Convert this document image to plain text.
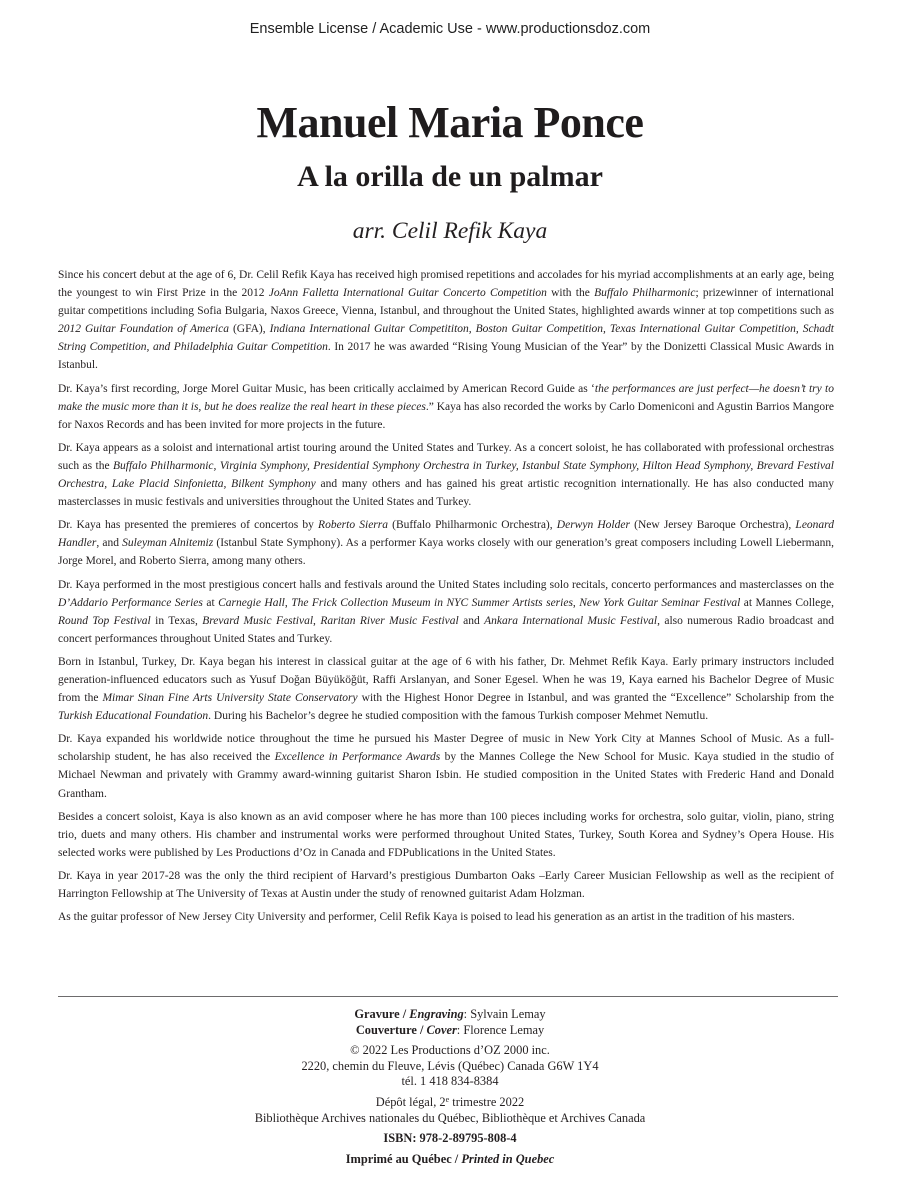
Ensemble License / Academic Use - www.productionsdoz.com
Manuel Maria Ponce
A la orilla de un palmar
arr. Celil Refik Kaya

Since his concert debut at the age of 6, Dr. Celil Refik Kaya has received high promised repetitions and accolades for his myriad accomplishments at an early age, being the youngest to win First Prize in the 2012 JoAnn Falletta International Guitar Concerto Competition with the Buffalo Philharmonic; prizewinner of international guitar competitions including Sofia Bulgaria, Naxos Greece, Vienna, Istanbul, and throughout the United States, highlighted awards winner at top competitions such as 2012 Guitar Foundation of America (GFA), Indiana International Guitar Competititon, Boston Guitar Competition, Texas International Guitar Competition, Schadt String Competition, and Philadelphia Guitar Competition. In 2017 he was awarded “Rising Young Musician of the Year” by the Donizetti Classical Music Awards in Istanbul.

Dr. Kaya’s first recording, Jorge Morel Guitar Music, has been critically acclaimed by American Record Guide as ‘the performances are just perfect—he doesn’t try to make the music more than it is, but he does realize the real heart in these pieces.” Kaya has also recorded the works by Carlo Domeniconi and Agustin Barrios Mangore for Naxos Records and has been invited for more projects in the future.

Dr. Kaya appears as a soloist and international artist touring around the United States and Turkey. As a concert soloist, he has collaborated with professional orchestras such as the Buffalo Philharmonic, Virginia Symphony, Presidential Symphony Orchestra in Turkey, Istanbul State Symphony, Hilton Head Symphony, Brevard Festival Orchestra, Lake Placid Sinfonietta, Bilkent Symphony and many others and has gained his great artistic recognition internationally. He has also conducted many masterclasses in music festivals and universities throughout the United States and Turkey.

Dr. Kaya has presented the premieres of concertos by Roberto Sierra (Buffalo Philharmonic Orchestra), Derwyn Holder (New Jersey Baroque Orchestra), Leonard Handler, and Suleyman Alnitemiz (Istanbul State Symphony). As a performer Kaya works closely with our generation’s great composers including Lowell Liebermann, Jorge Morel, and Roberto Sierra, among many others.

Dr. Kaya performed in the most prestigious concert halls and festivals around the United States including solo recitals, concerto performances and masterclasses on the D’Addario Performance Series at Carnegie Hall, The Frick Collection Museum in NYC Summer Artists series, New York Guitar Seminar Festival at Mannes College, Round Top Festival in Texas, Brevard Music Festival, Raritan River Music Festival and Ankara International Music Festival, also numerous Radio broadcast and concert performances throughout United States and Turkey.

Born in Istanbul, Turkey, Dr. Kaya began his interest in classical guitar at the age of 6 with his father, Dr. Mehmet Refik Kaya. Early primary instructors included generation-influenced educators such as Yusuf Doğan Büyüköğüt, Raffi Arslanyan, and Soner Egesel. When he was 19, Kaya earned his Bachelor Degree of Music from the Mimar Sinan Fine Arts University State Conservatory with the Highest Honor Degree in Istanbul, and was granted the “Excellence” Scholarship from the Turkish Educational Foundation. During his Bachelor’s degree he studied composition with the famous Turkish composer Mehmet Nemutlu.

Dr. Kaya expanded his worldwide notice throughout the time he pursued his Master Degree of music in New York City at Mannes School of Music. As a full-scholarship student, he has also received the Excellence in Performance Awards by the Mannes College the New School for Music. Kaya studied in the studio of Michael Newman and privately with Grammy award-winning guitarist Sharon Isbin. He studied composition in the United States with Frederic Hand and Donald Grantham.

Besides a concert soloist, Kaya is also known as an avid composer where he has more than 100 pieces including works for orchestra, solo guitar, violin, piano, string trio, duets and many others. His chamber and instrumental works were performed throughout United States, Turkey, South Korea and Sydney’s Opera House. His selected works were published by Les Productions d’Oz in Canada and FDPublications in the United States.

Dr. Kaya in year 2017-28 was the only the third recipient of Harvard’s prestigious Dumbarton Oaks –Early Career Musician Fellowship as well as the recipient of Harrington Fellowship at The University of Texas at Austin under the study of renowned guitarist Adam Holzman.

As the guitar professor of New Jersey City University and performer, Celil Refik Kaya is poised to lead his generation as an artist in the tradition of his masters.

Gravure / Engraving: Sylvain Lemay
Couverture / Cover: Florence Lemay
© 2022 Les Productions d’OZ 2000 inc.
2220, chemin du Fleuve, Lévis (Québec) Canada G6W 1Y4
tél. 1 418 834-8384
Dépôt légal, 2e trimestre 2022
Bibliothèque Archives nationales du Québec, Bibliothèque et Archives Canada
ISBN: 978-2-89795-808-4
Imprimé au Québec / Printed in Quebec
